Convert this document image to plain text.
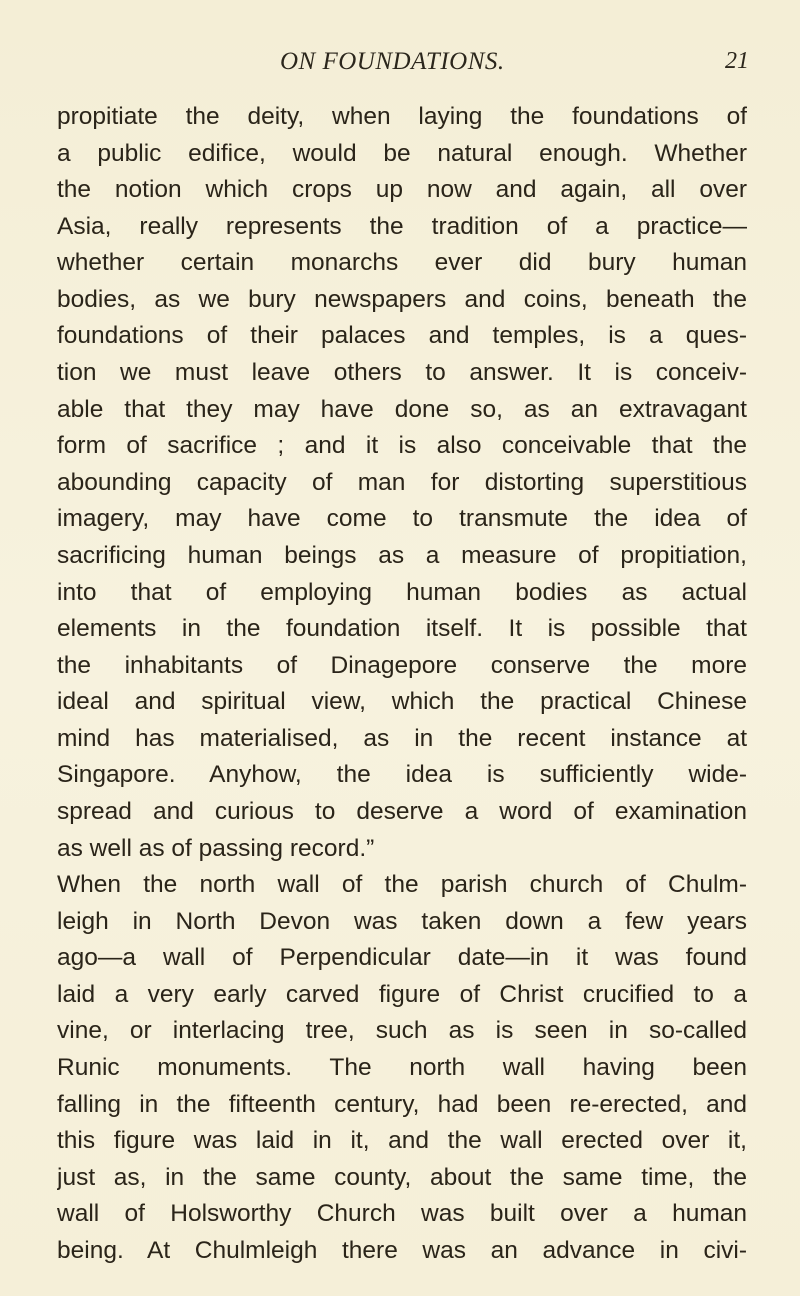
ON FOUNDATIONS.	21
propitiate the deity, when laying the foundations of
a public edifice, would be natural enough. Whether
the notion which crops up now and again, all over
Asia, really represents the tradition of a practice—
whether certain monarchs ever did bury human
bodies, as we bury newspapers and coins, beneath the
foundations of their palaces and temples, is a ques-
tion we must leave others to answer. It is conceiv-
able that they may have done so, as an extravagant
form of sacrifice ; and it is also conceivable that the
abounding capacity of man for distorting superstitious
imagery, may have come to transmute the idea of
sacrificing human beings as a measure of propitiation,
into that of employing human bodies as actual
elements in the foundation itself. It is possible that
the inhabitants of Dinagepore conserve the more
ideal and spiritual view, which the practical Chinese
mind has materialised, as in the recent instance at
Singapore. Anyhow, the idea is sufficiently wide-
spread and curious to deserve a word of examination
as well as of passing record.”
When the north wall of the parish church of Chulm-
leigh in North Devon was taken down a few years
ago—a wall of Perpendicular date—in it was found
laid a very early carved figure of Christ crucified to a
vine, or interlacing tree, such as is seen in so-called
Runic monuments. The north wall having been
falling in the fifteenth century, had been re-erected, and
this figure was laid in it, and the wall erected over it,
just as, in the same county, about the same time, the
wall of Holsworthy Church was built over a human
being. At Chulmleigh there was an advance in civi-
